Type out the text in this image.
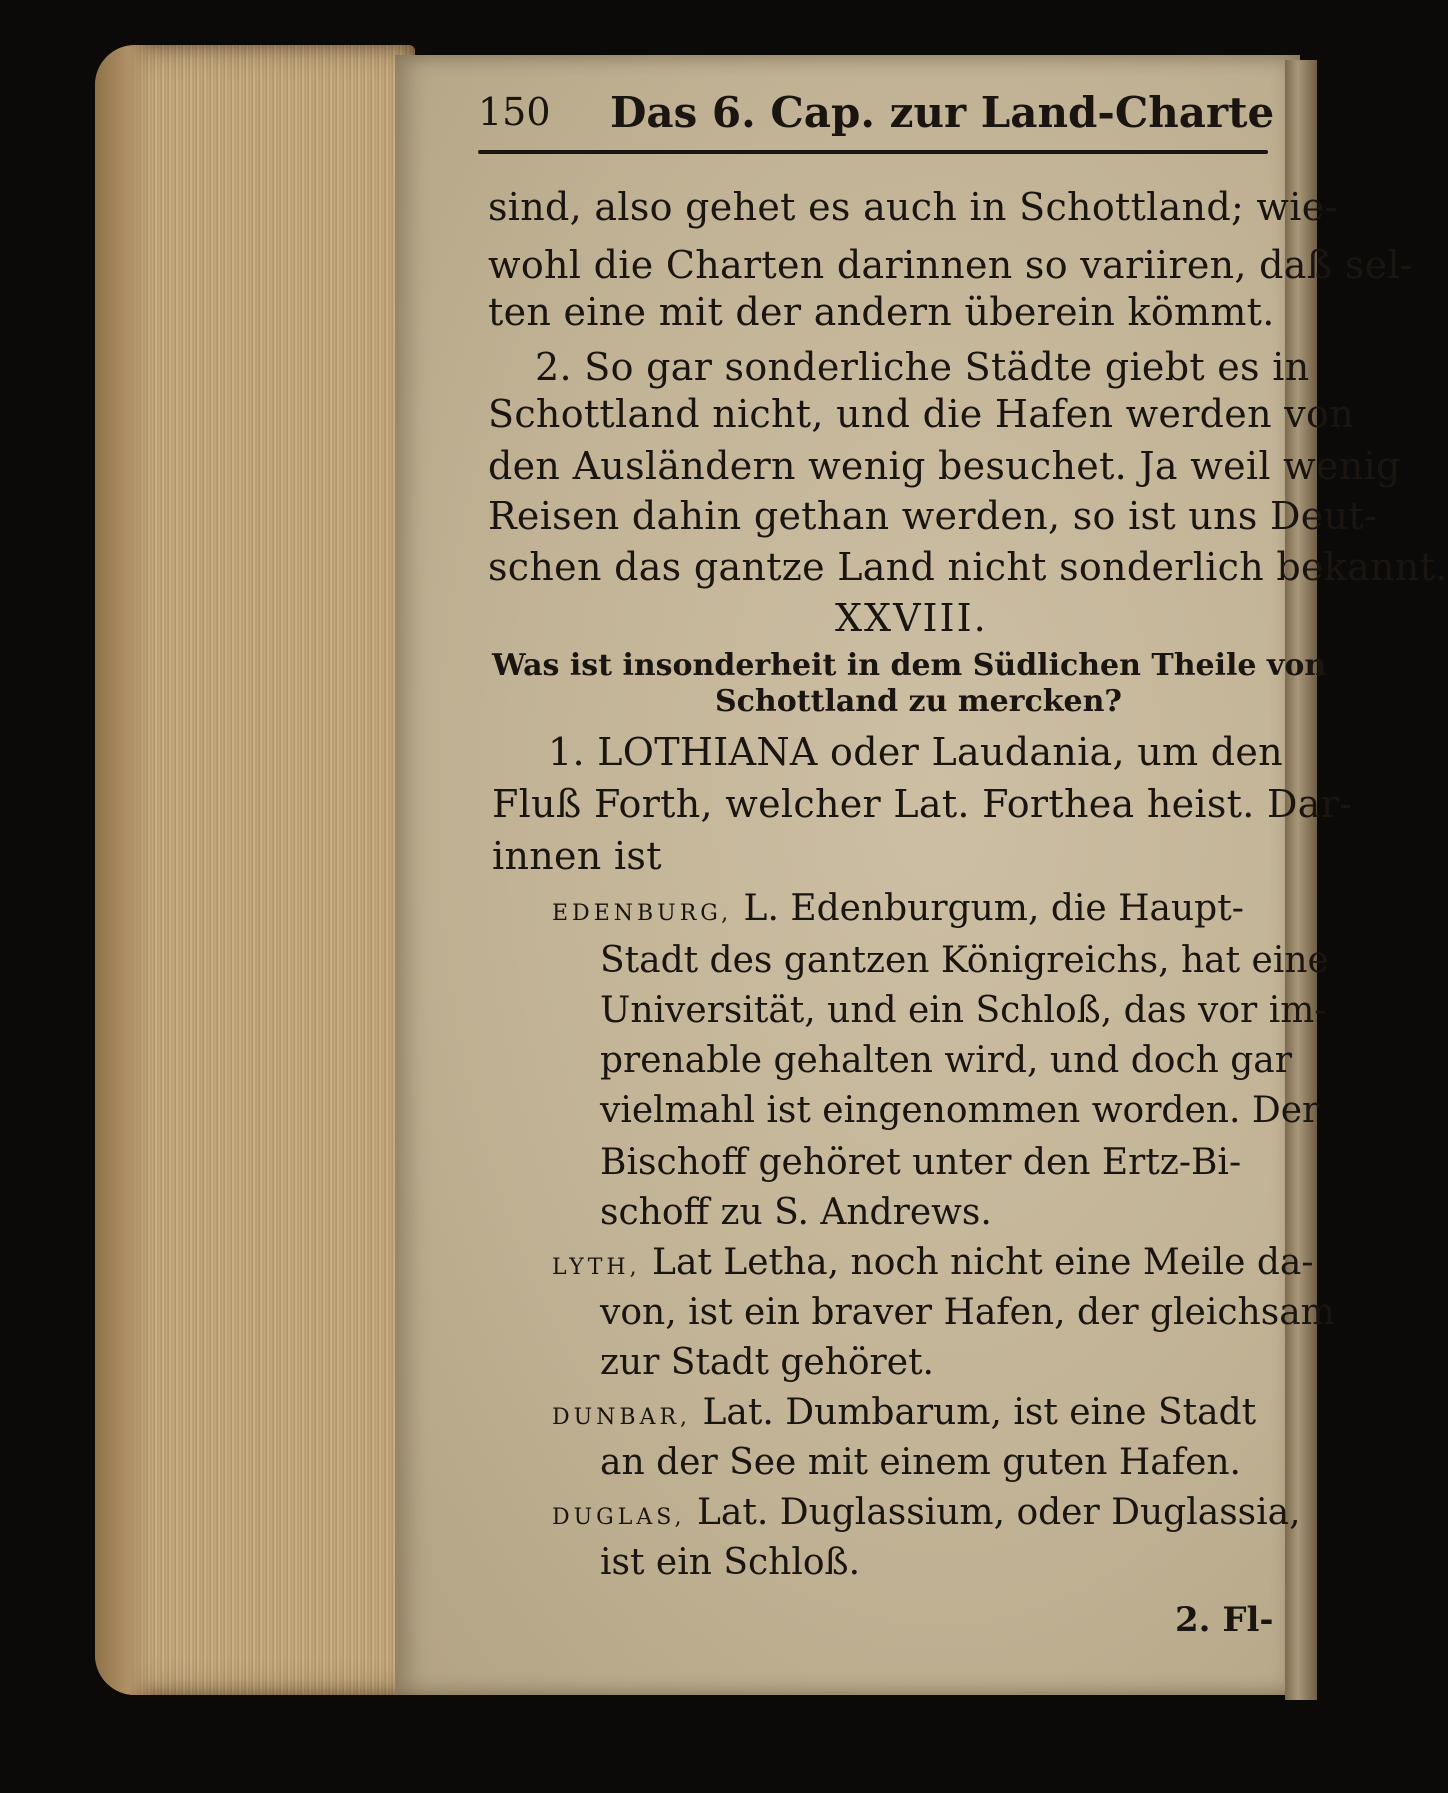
150 Das 6. Cap. zur Land-Charte
sind, also gehet es auch in Schottland; wie-
wohl die Charten darinnen so variiren, daß sel-
ten eine mit der andern überein kömmt.
2. So gar sonderliche Städte giebt es in
Schottland nicht, und die Hafen werden von
den Ausländern wenig besuchet. Ja weil wenig
Reisen dahin gethan werden, so ist uns Deut-
schen das gantze Land nicht sonderlich bekannt.
XXVIII.
Was ist insonderheit in dem Südlichen Theile von
Schottland zu mercken?
1. LOTHIANA oder Laudania, um den
Fluß Forth, welcher Lat. Forthea heist. Dar-
innen ist
EDENBURG, L. Edenburgum, die Haupt-
Stadt des gantzen Königreichs, hat eine
Universität, und ein Schloß, das vor im-
prenable gehalten wird, und doch gar
vielmahl ist eingenommen worden. Der
Bischoff gehöret unter den Ertz-Bi-
schoff zu S. Andrews.
LYTH, Lat Letha, noch nicht eine Meile da-
von, ist ein braver Hafen, der gleichsam
zur Stadt gehöret.
DUNBAR, Lat. Dumbarum, ist eine Stadt
an der See mit einem guten Hafen.
DUGLAS, Lat. Duglassium, oder Duglassia,
ist ein Schloß.
2. Fl-
